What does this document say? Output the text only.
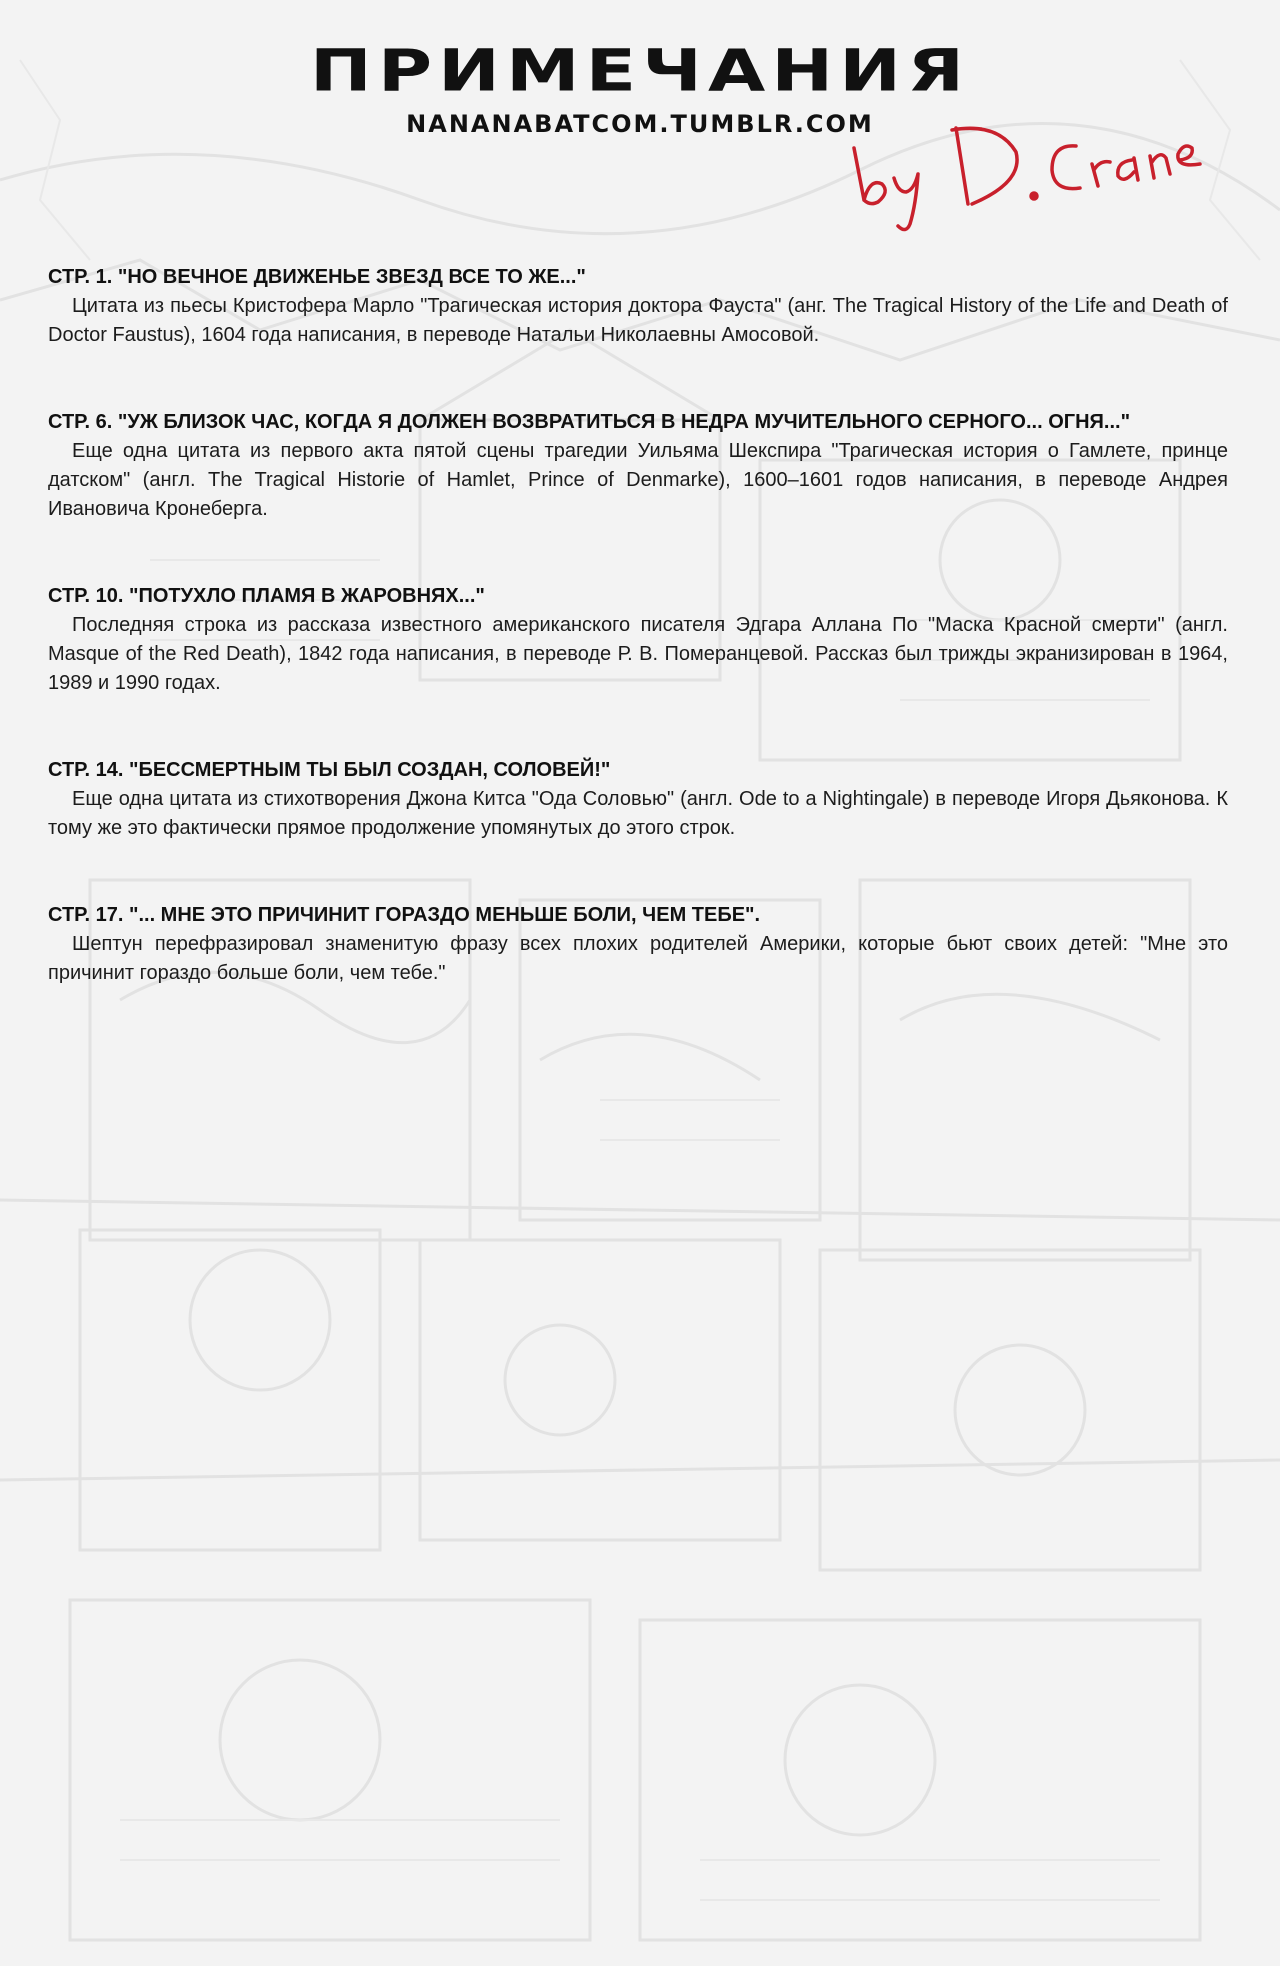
ПРИМЕЧАНИЯ
NANANABATCOM.TUMBLR.COM

СТР. 1. "НО ВЕЧНОЕ ДВИЖЕНЬЕ ЗВЕЗД ВСЕ ТО ЖЕ..."

Цитата из пьесы Кристофера Марло "Трагическая история доктора Фауста" (анг. The Tragical History of the Life and Death of Doctor Faustus), 1604 года написания, в переводе Натальи Николаевны Амосовой.

СТР. 6. "УЖ БЛИЗОК ЧАС, КОГДА Я ДОЛЖЕН ВОЗВРАТИТЬСЯ В НЕДРА МУЧИТЕЛЬНОГО СЕРНОГО... ОГНЯ..."

Еще одна цитата из первого акта пятой сцены трагедии Уильяма Шекспира "Трагическая история о Гамлете, принце датском" (англ. The Tragical Historie of Hamlet, Prince of Denmarke), 1600–1601 годов написания, в переводе Андрея Ивановича Кронеберга.

СТР. 10. "ПОТУХЛО ПЛАМЯ В ЖАРОВНЯХ..."

Последняя строка из рассказа известного американского писателя Эдгара Аллана По "Маска Красной смерти" (англ. Masque of the Red Death), 1842 года написания, в переводе Р. В. Померанцевой. Рассказ был трижды экранизирован в 1964, 1989 и 1990 годах.

СТР. 14. "БЕССМЕРТНЫМ ТЫ БЫЛ СОЗДАН, СОЛОВЕЙ!"

Еще одна цитата из стихотворения Джона Китса "Ода Соловью" (англ. Ode to a Nightingale) в переводе Игоря Дьяконова. К тому же это фактически прямое продолжение упомянутых до этого строк.

СТР. 17. "... МНЕ ЭТО ПРИЧИНИТ ГОРАЗДО МЕНЬШЕ БОЛИ, ЧЕМ ТЕБЕ".

Шептун перефразировал знаменитую фразу всех плохих родителей Америки, которые бьют своих детей: "Мне это причинит гораздо больше боли, чем тебе."
